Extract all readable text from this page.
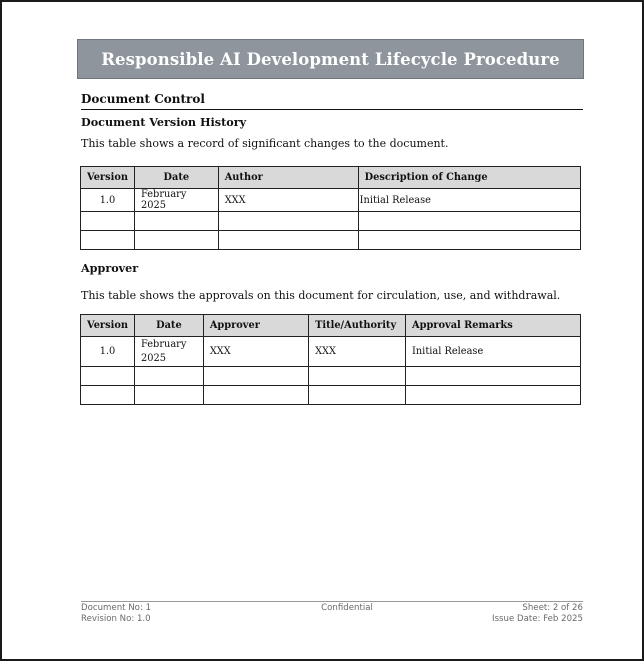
Responsible AI Development Lifecycle Procedure
Document Control
Document Version History
This table shows a record of significant changes to the document.
Version	Date	Author	Description of Change
1.0	February 2025	XXX	Initial Release

Approver
This table shows the approvals on this document for circulation, use, and withdrawal.
Version	Date	Approver	Title/Authority	Approval Remarks
1.0	February 2025	XXX	XXX	Initial Release

Document No: 1
Revision No: 1.0
Confidential	Sheet: 2 of 26
Issue Date: Feb 2025
